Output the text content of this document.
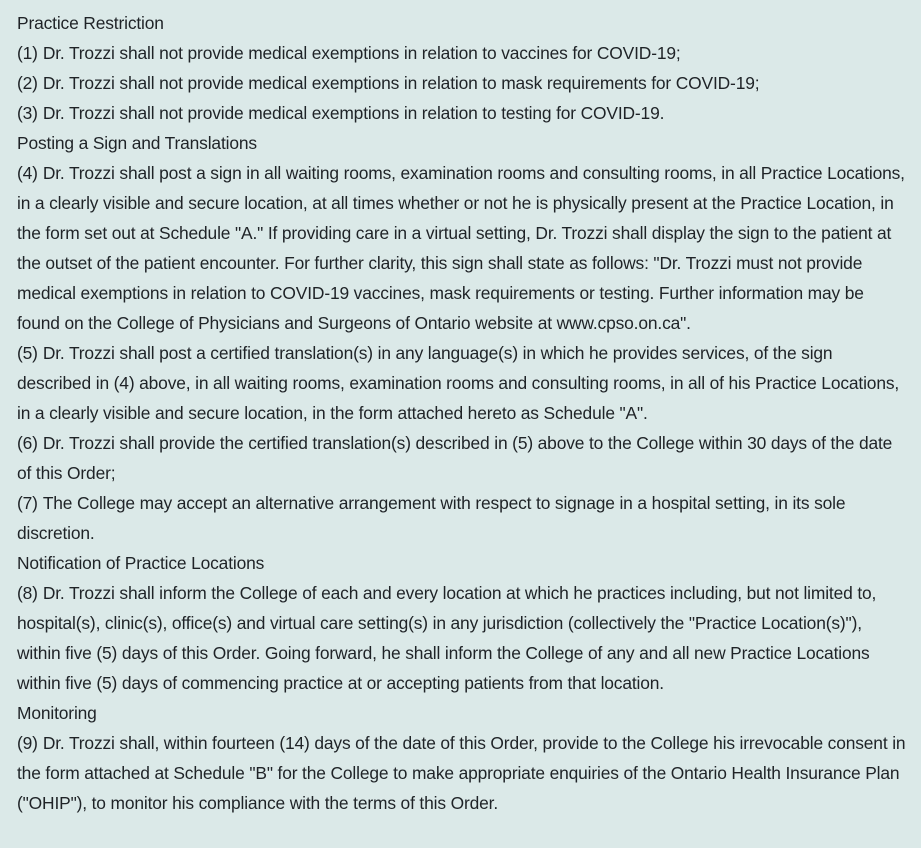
Practice Restriction

(1) Dr. Trozzi shall not provide medical exemptions in relation to vaccines for COVID-19;

(2) Dr. Trozzi shall not provide medical exemptions in relation to mask requirements for COVID-19;

(3) Dr. Trozzi shall not provide medical exemptions in relation to testing for COVID-19.

Posting a Sign and Translations

(4) Dr. Trozzi shall post a sign in all waiting rooms, examination rooms and consulting rooms, in all Practice Locations, in a clearly visible and secure location, at all times whether or not he is physically present at the Practice Location, in the form set out at Schedule "A." If providing care in a virtual setting, Dr. Trozzi shall display the sign to the patient at the outset of the patient encounter. For further clarity, this sign shall state as follows: "Dr. Trozzi must not provide medical exemptions in relation to COVID-19 vaccines, mask requirements or testing. Further information may be found on the College of Physicians and Surgeons of Ontario website at www.cpso.on.ca".

(5) Dr. Trozzi shall post a certified translation(s) in any language(s) in which he provides services, of the sign described in (4) above, in all waiting rooms, examination rooms and consulting rooms, in all of his Practice Locations, in a clearly visible and secure location, in the form attached hereto as Schedule "A".

(6) Dr. Trozzi shall provide the certified translation(s) described in (5) above to the College within 30 days of the date of this Order;

(7) The College may accept an alternative arrangement with respect to signage in a hospital setting, in its sole discretion.

Notification of Practice Locations

(8) Dr. Trozzi shall inform the College of each and every location at which he practices including, but not limited to, hospital(s), clinic(s), office(s) and virtual care setting(s) in any jurisdiction (collectively the "Practice Location(s)"), within five (5) days of this Order. Going forward, he shall inform the College of any and all new Practice Locations within five (5) days of commencing practice at or accepting patients from that location.

Monitoring

(9) Dr. Trozzi shall, within fourteen (14) days of the date of this Order, provide to the College his irrevocable consent in the form attached at Schedule "B" for the College to make appropriate enquiries of the Ontario Health Insurance Plan ("OHIP"), to monitor his compliance with the terms of this Order.
